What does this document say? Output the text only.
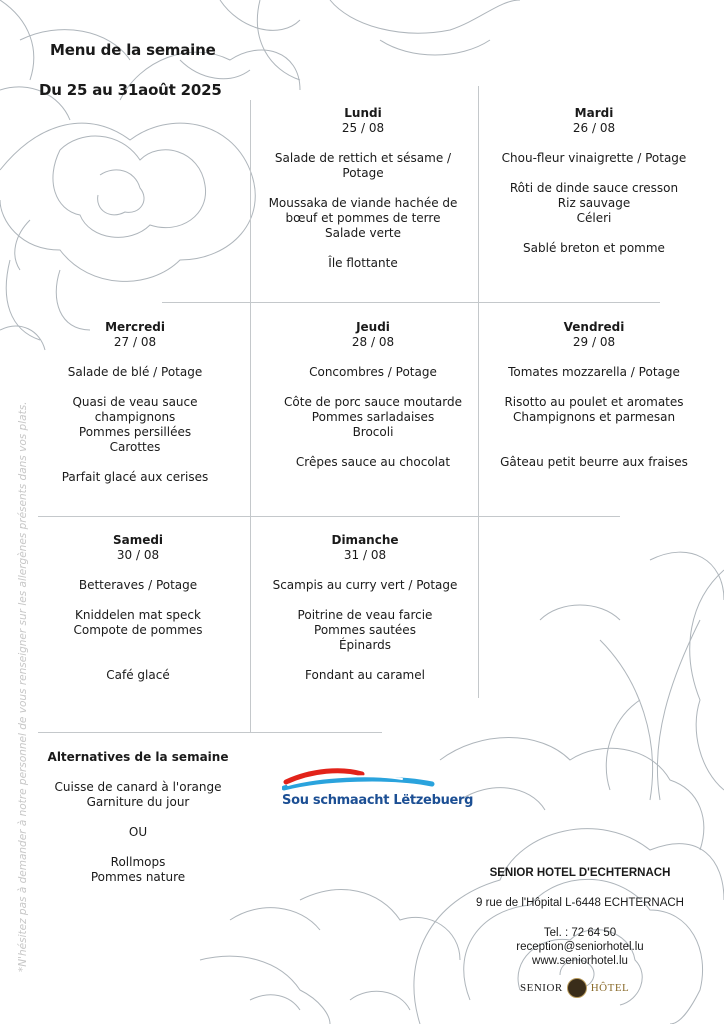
Menu de la semaine
Du 25 au 31août 2025
Lundi
25 / 08
Salade de rettich et sésame / Potage
Moussaka de viande hachée de bœuf et pommes de terre
Salade verte
Île flottante
Mardi
26 / 08
Chou-fleur vinaigrette / Potage
Rôti de dinde sauce cresson
Riz sauvage
Céleri
Sablé breton et pomme
Mercredi
27 / 08
Salade de blé / Potage
Quasi de veau sauce champignons
Pommes persillées
Carottes
Parfait glacé aux cerises
Jeudi
28 / 08
Concombres / Potage
Côte de porc sauce moutarde
Pommes sarladaises
Brocoli
Crêpes sauce au chocolat
Vendredi
29 / 08
Tomates mozzarella / Potage
Risotto au poulet et aromates
Champignons et parmesan
Gâteau petit beurre aux fraises
Samedi
30 / 08
Betteraves / Potage
Kniddelen mat speck
Compote de pommes
Café glacé
Dimanche
31 / 08
Scampis au curry vert / Potage
Poitrine de veau farcie
Pommes sautées
Épinards
Fondant au caramel
Alternatives de la semaine
Cuisse de canard à l'orange
Garniture du jour
OU
Rollmops
Pommes nature
*N'hésitez pas à demander à notre personnel de vous renseigner sur les allergènes présents dans vos plats.	Sou schmaacht Lëtzebuerg
SENIOR HOTEL D'ECHTERNACH
9 rue de l'Hôpital L-6448 ECHTERNACH
Tel. : 72 64 50
reception@seniorhotel.lu
www.seniorhotel.lu
SENIOR	HÔTEL
